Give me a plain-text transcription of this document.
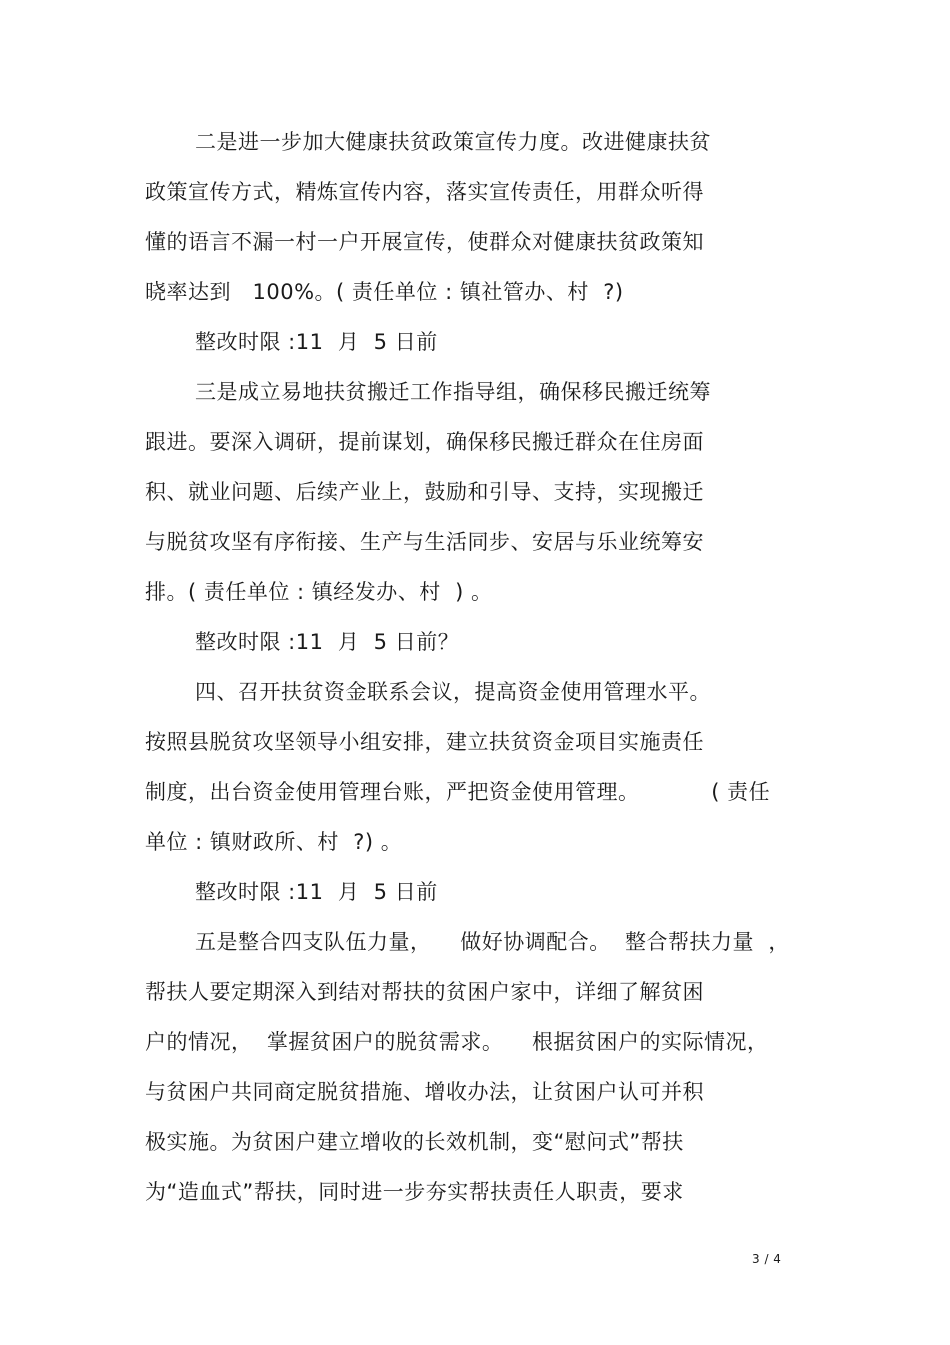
二是进一步加大健康扶贫政策宣传力度。改进健康扶贫
政策宣传方式，精炼宣传内容，落实宣传责任，用群众听得
懂的语言不漏一村一户开展宣传，使群众对健康扶贫政策知
晓率达到   100%。( 责任单位 : 镇社管办、村  ?)
整改时限 :11  月  5 日前
三是成立易地扶贫搬迁工作指导组，确保移民搬迁统筹
跟进。要深入调研，提前谋划，确保移民搬迁群众在住房面
积、就业问题、后续产业上，鼓励和引导、支持，实现搬迁
与脱贫攻坚有序衔接、生产与生活同步、安居与乐业统筹安
排。( 责任单位 : 镇经发办、村  ) 。
整改时限 :11  月  5 日前？
四、召开扶贫资金联系会议，提高资金使用管理水平。
按照县脱贫攻坚领导小组安排，建立扶贫资金项目实施责任
制度，出台资金使用管理台账，严把资金使用管理。          ( 责任
单位 : 镇财政所、村  ?) 。
整改时限 :11  月  5 日前
五是整合四支队伍力量，    做好协调配合。  整合帮扶力量  ，
帮扶人要定期深入到结对帮扶的贫困户家中，详细了解贫困
户的情况，  掌握贫困户的脱贫需求。    根据贫困户的实际情况，
与贫困户共同商定脱贫措施、增收办法，让贫困户认可并积
极实施。为贫困户建立增收的长效机制，变“慰问式”帮扶
为“造血式”帮扶，同时进一步夯实帮扶责任人职责，要求
3 / 4
